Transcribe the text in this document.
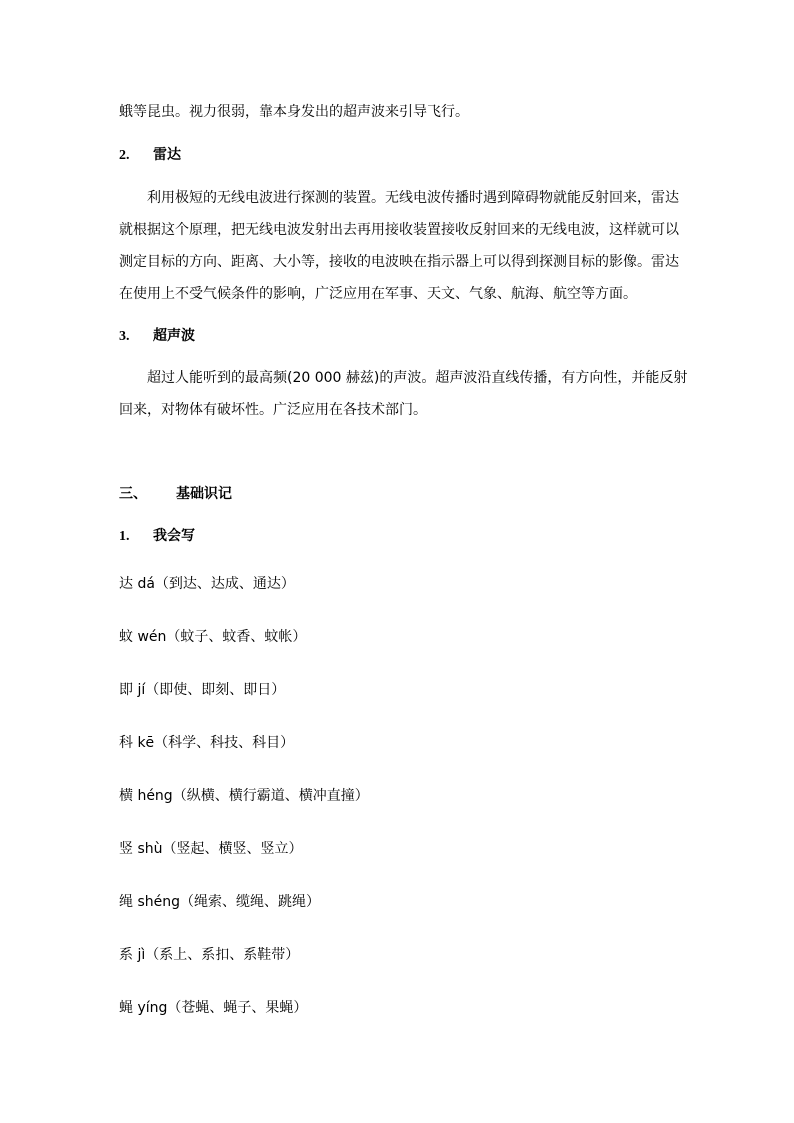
蛾等昆虫。视力很弱，靠本身发出的超声波来引导飞行。
2. 雷达
利用极短的无线电波进行探测的装置。无线电波传播时遇到障碍物就能反射回来，雷达
就根据这个原理，把无线电波发射出去再用接收装置接收反射回来的无线电波，这样就可以
测定目标的方向、距离、大小等，接收的电波映在指示器上可以得到探测目标的影像。雷达
在使用上不受气候条件的影响，广泛应用在军事、天文、气象、航海、航空等方面。
3. 超声波
超过人能听到的最高频(20 000 赫兹)的声波。超声波沿直线传播，有方向性，并能反射
回来，对物体有破坏性。广泛应用在各技术部门。
三、 基础识记
1. 我会写
达 dá（到达、达成、通达）
蚊 wén（蚊子、蚊香、蚊帐）
即 jí（即使、即刻、即日）
科 kē（科学、科技、科目）
横 héng（纵横、横行霸道、横冲直撞）
竖 shù（竖起、横竖、竖立）
绳 shéng（绳索、缆绳、跳绳）
系 jì（系上、系扣、系鞋带）
蝇 yíng（苍蝇、蝇子、果蝇）
